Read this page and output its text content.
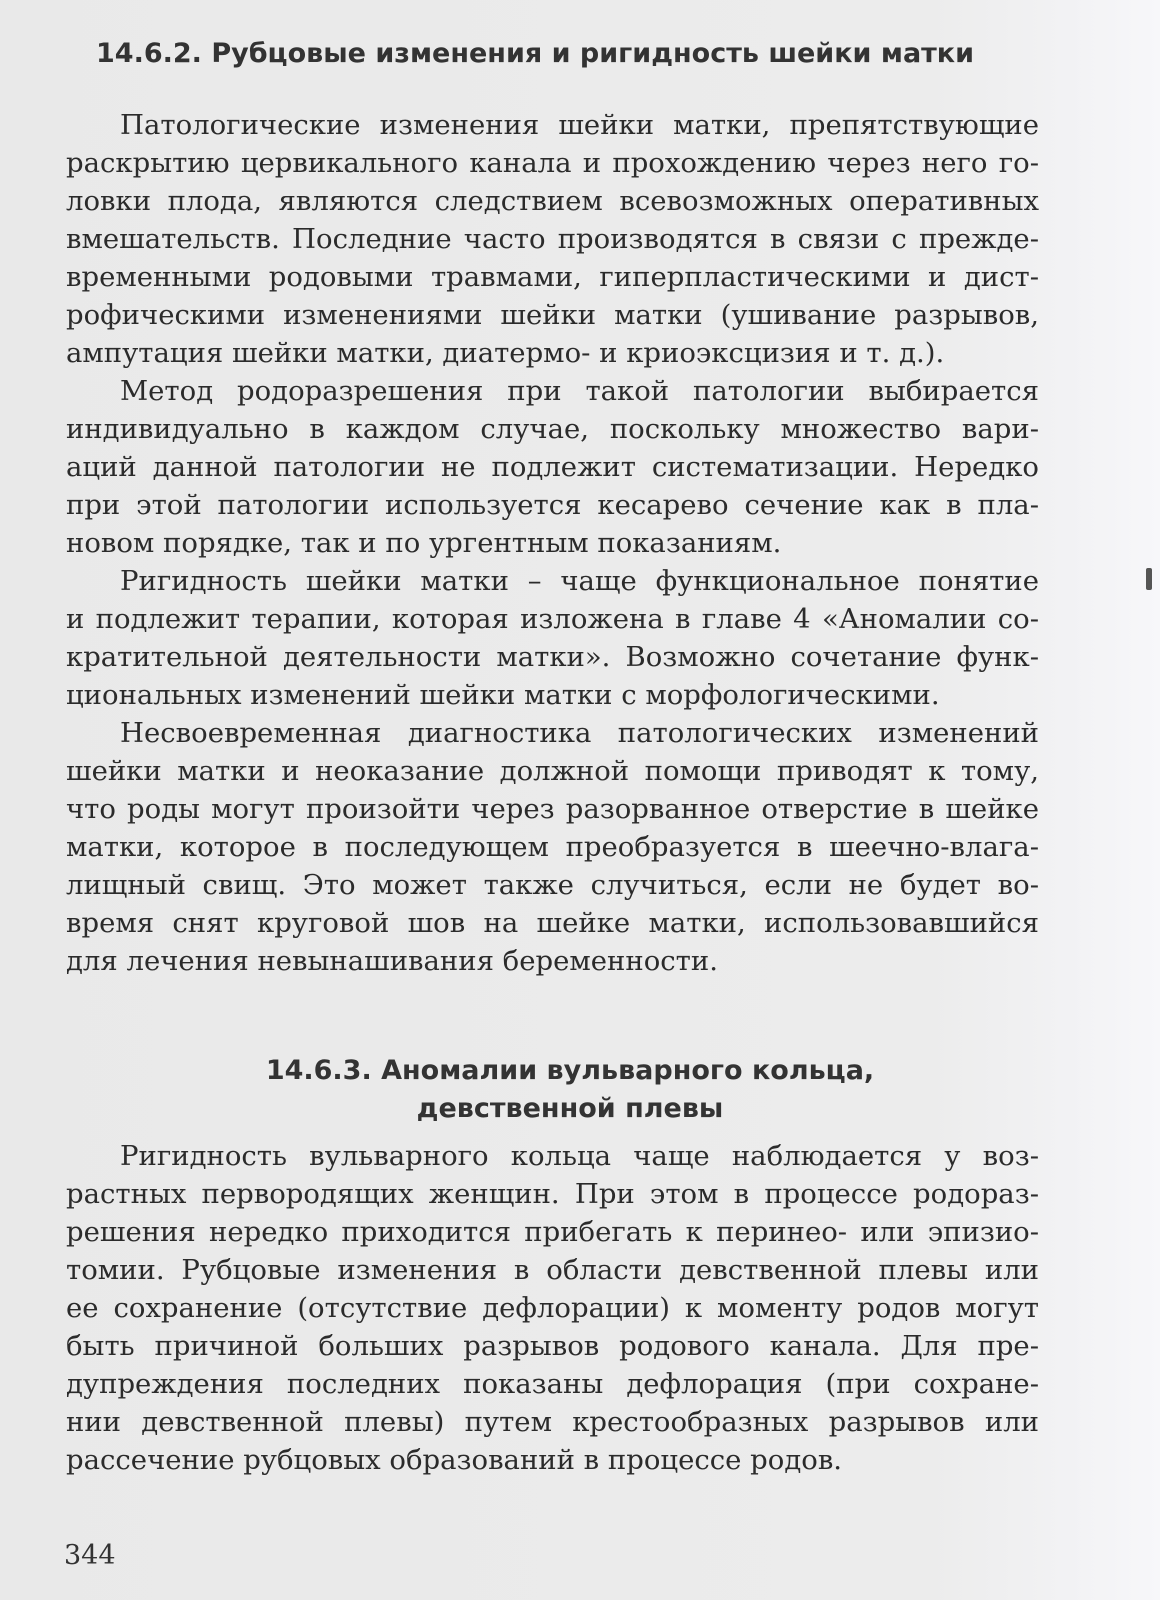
14.6.2. Рубцовые изменения и ригидность шейки матки
Патологические изменения шейки матки, препятствующие
раскрытию цервикального канала и прохождению через него го-
ловки плода, являются следствием всевозможных оперативных
вмешательств. Последние часто производятся в связи с прежде-
временными родовыми травмами, гиперпластическими и дист-
рофическими изменениями шейки матки (ушивание разрывов,
ампутация шейки матки, диатермо- и криоэксцизия и т. д.).
Метод родоразрешения при такой патологии выбирается
индивидуально в каждом случае, поскольку множество вари-
аций данной патологии не подлежит систематизации. Нередко
при этой патологии используется кесарево сечение как в пла-
новом порядке, так и по ургентным показаниям.
Ригидность шейки матки – чаще функциональное понятие
и подлежит терапии, которая изложена в главе 4 «Аномалии со-
кратительной деятельности матки». Возможно сочетание функ-
циональных изменений шейки матки с морфологическими.
Несвоевременная диагностика патологических изменений
шейки матки и неоказание должной помощи приводят к тому,
что роды могут произойти через разорванное отверстие в шейке
матки, которое в последующем преобразуется в шеечно-влага-
лищный свищ. Это может также случиться, если не будет во-
время снят круговой шов на шейке матки, использовавшийся
для лечения невынашивания беременности.
14.6.3. Аномалии вульварного кольца,
девственной плевы
Ригидность вульварного кольца чаще наблюдается у воз-
растных первородящих женщин. При этом в процессе родораз-
решения нередко приходится прибегать к перинео- или эпизио-
томии. Рубцовые изменения в области девственной плевы или
ее сохранение (отсутствие дефлорации) к моменту родов могут
быть причиной больших разрывов родового канала. Для пре-
дупреждения последних показаны дефлорация (при сохране-
нии девственной плевы) путем крестообразных разрывов или
рассечение рубцовых образований в процессе родов.
344
